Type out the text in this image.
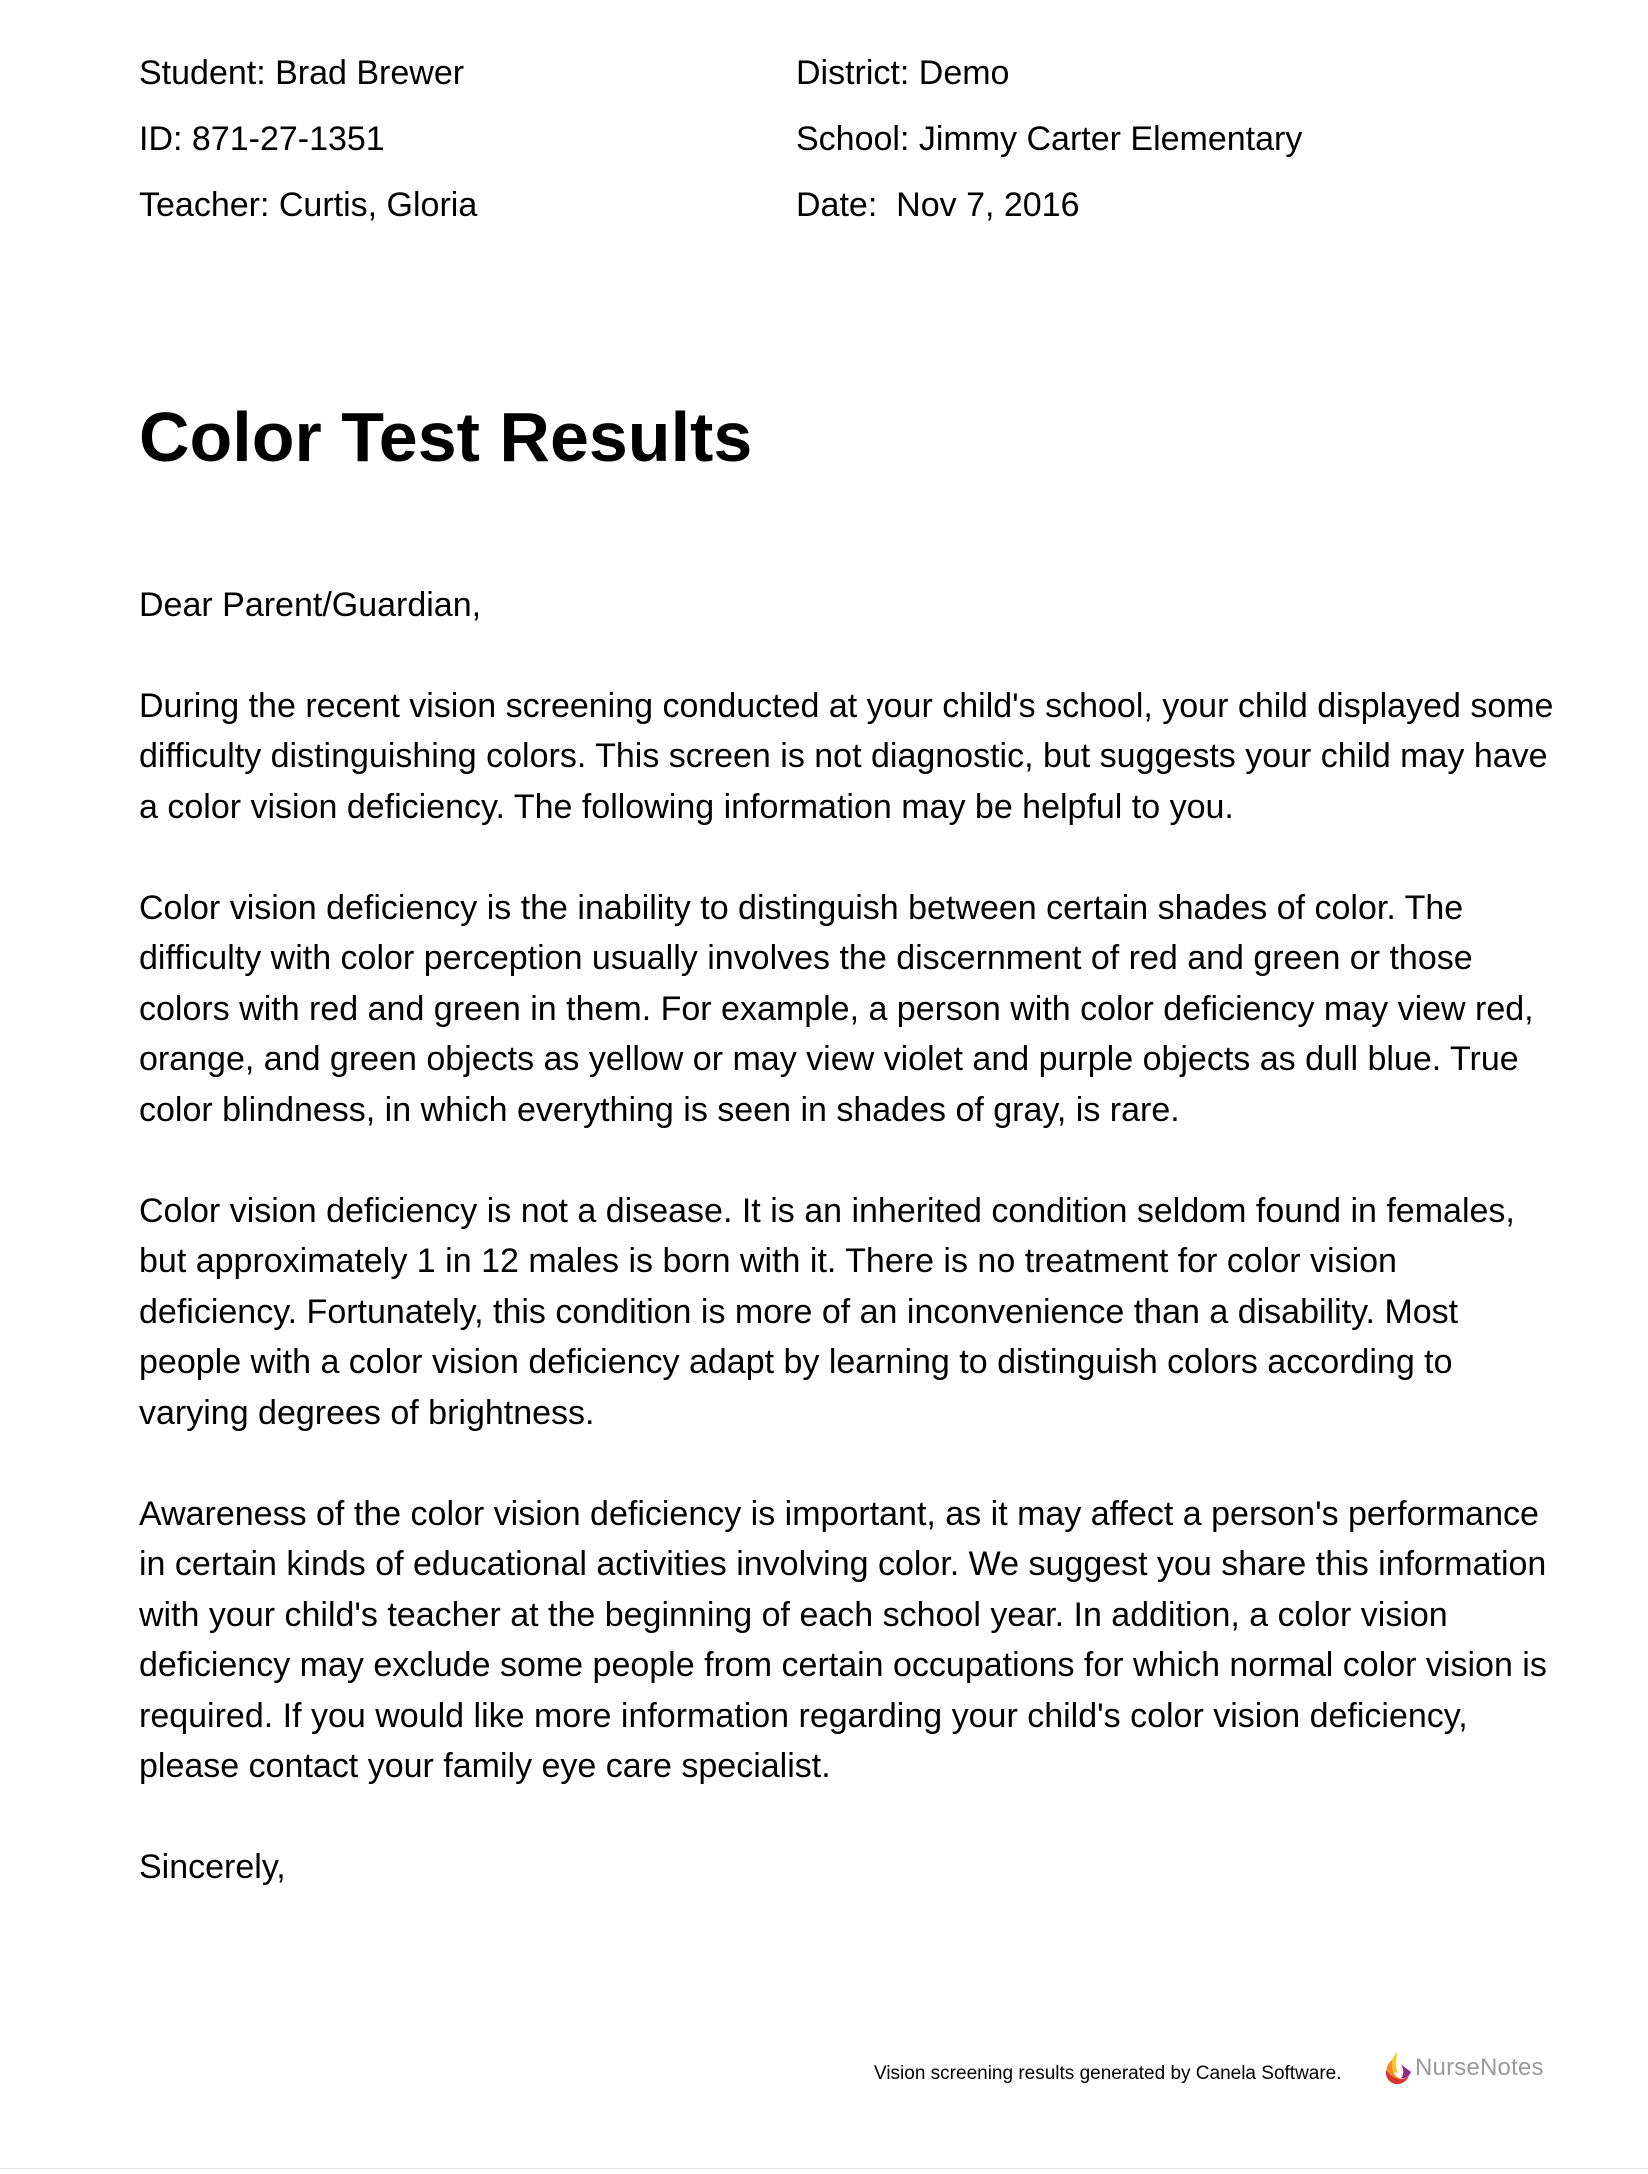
Student: Brad Brewer
ID: 871-27-1351
Teacher: Curtis, Gloria
District: Demo
School: Jimmy Carter Elementary
Date:  Nov 7, 2016
Color Test Results

Dear Parent/Guardian,

During the recent vision screening conducted at your child's school, your child displayed some difficulty distinguishing colors. This screen is not diagnostic, but suggests your child may have a color vision deficiency. The following information may be helpful to you.

Color vision deficiency is the inability to distinguish between certain shades of color. The difficulty with color perception usually involves the discernment of red and green or those colors with red and green in them. For example, a person with color deficiency may view red, orange, and green objects as yellow or may view violet and purple objects as dull blue. True color blindness, in which everything is seen in shades of gray, is rare.

Color vision deficiency is not a disease. It is an inherited condition seldom found in females, but approximately 1 in 12 males is born with it. There is no treatment for color vision deficiency. Fortunately, this condition is more of an inconvenience than a disability. Most people with a color vision deficiency adapt by learning to distinguish colors according to varying degrees of brightness.

Awareness of the color vision deficiency is important, as it may affect a person's performance in certain kinds of educational activities involving color. We suggest you share this information with your child's teacher at the beginning of each school year. In addition, a color vision deficiency may exclude some people from certain occupations for which normal color vision is required. If you would like more information regarding your child's color vision deficiency, please contact your family eye care specialist.

Sincerely,

Vision screening results generated by Canela Software.	NurseNotes
